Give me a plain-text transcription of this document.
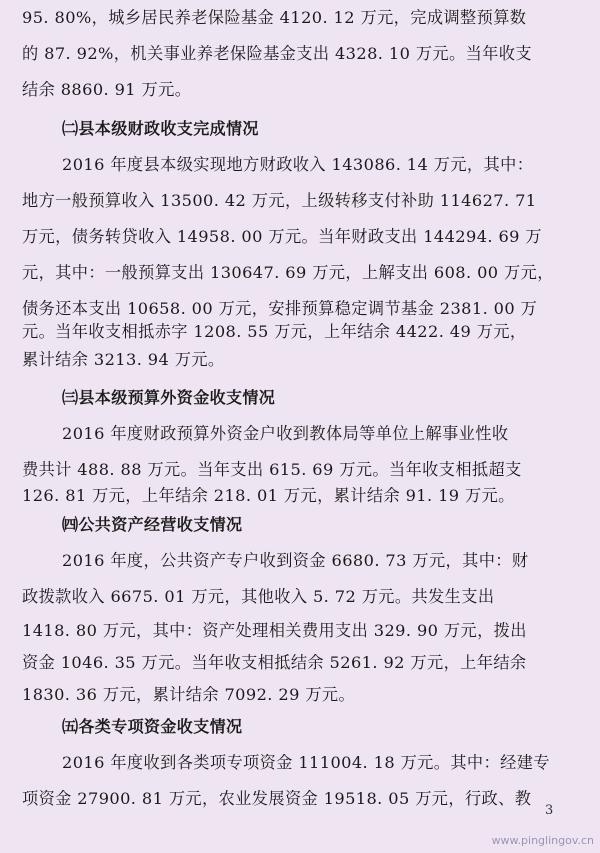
95. 80%，城乡居民养老保险基金 4120. 12 万元，完成调整预算数
的 87. 92%，机关事业养老保险基金支出 4328. 10 万元。当年收支
结余 8860. 91 万元。
㈡县本级财政收支完成情况
2016 年度县本级实现地方财政收入 143086. 14 万元，其中：
地方一般预算收入 13500. 42 万元，上级转移支付补助 114627. 71
万元，债务转贷收入 14958. 00 万元。当年财政支出 144294. 69 万
元，其中：一般预算支出 130647. 69 万元，上解支出 608. 00 万元，
债务还本支出 10658. 00 万元，安排预算稳定调节基金 2381. 00 万
元。当年收支相抵赤字 1208. 55 万元，上年结余 4422. 49 万元，
累计结余 3213. 94 万元。
㈢县本级预算外资金收支情况
2016 年度财政预算外资金户收到教体局等单位上解事业性收
费共计 488. 88 万元。当年支出 615. 69 万元。当年收支相抵超支
126. 81 万元，上年结余 218. 01 万元，累计结余 91. 19 万元。
㈣公共资产经营收支情况
2016 年度，公共资产专户收到资金 6680. 73 万元，其中：财
政拨款收入 6675. 01 万元，其他收入 5. 72 万元。共发生支出
1418. 80 万元，其中：资产处理相关费用支出 329. 90 万元，拨出
资金 1046. 35 万元。当年收支相抵结余 5261. 92 万元，上年结余
1830. 36 万元，累计结余 7092. 29 万元。
㈤各类专项资金收支情况
2016 年度收到各类项专项资金 111004. 18 万元。其中：经建专
项资金 27900. 81 万元，农业发展资金 19518. 05 万元，行政、教
3
www.pinglingov.cn
